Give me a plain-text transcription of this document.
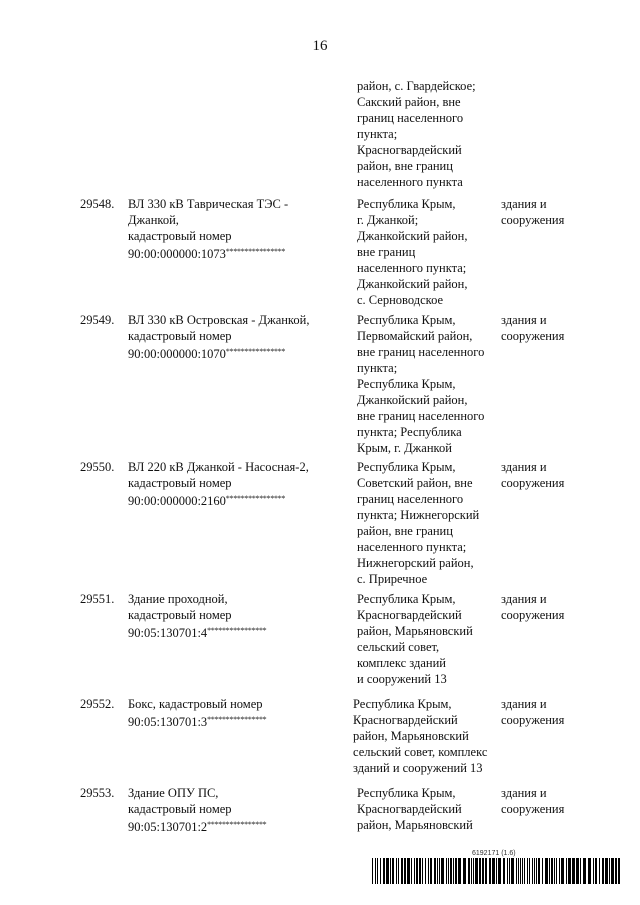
16
район, с. Гвардейское;
Сакский район, вне
границ населенного
пункта;
Красногвардейский
район, вне границ
населенного пункта
29548. ВЛ 330 кВ Таврическая ТЭС -
Джанкой,
кадастровый номер
90:00:000000:1073****************
Республика Крым,
г. Джанкой;
Джанкойский район,
вне границ
населенного пункта;
Джанкойский район,
с. Серноводское
здания и
сооружения
29549. ВЛ 330 кВ Островская - Джанкой,
кадастровый номер
90:00:000000:1070****************
Республика Крым,
Первомайский район,
вне границ населенного
пункта;
Республика Крым,
Джанкойский район,
вне границ населенного
пункта; Республика
Крым, г. Джанкой
здания и
сооружения
29550. ВЛ 220 кВ Джанкой - Насосная-2,
кадастровый номер
90:00:000000:2160****************
Республика Крым,
Советский район, вне
границ населенного
пункта; Нижнегорский
район, вне границ
населенного пункта;
Нижнегорский район,
с. Приречное
здания и
сооружения
29551. Здание проходной,
кадастровый номер
90:05:130701:4****************
Республика Крым,
Красногвардейский
район, Марьяновский
сельский совет,
комплекс зданий
и сооружений 13
здания и
сооружения
29552. Бокс, кадастровый номер
90:05:130701:3****************
Республика Крым,
Красногвардейский
район, Марьяновский
сельский совет, комплекс
зданий и сооружений 13
здания и
сооружения
29553. Здание ОПУ ПС,
кадастровый номер
90:05:130701:2****************
Республика Крым,
Красногвардейский
район, Марьяновский
здания и
сооружения
6192171 (1.6)
